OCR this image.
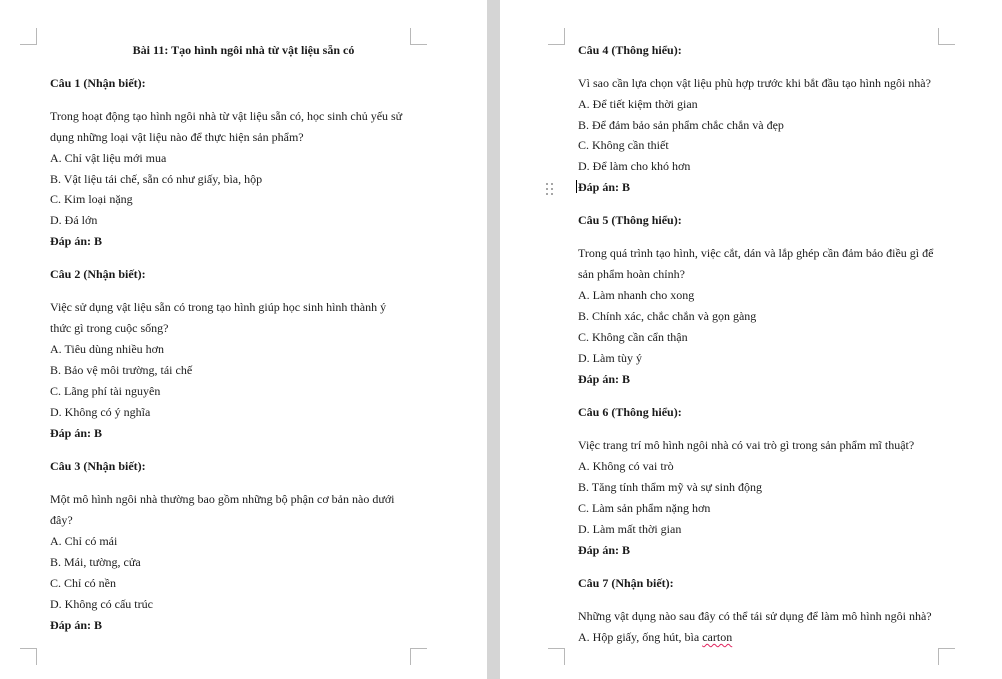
Bài 11: Tạo hình ngôi nhà từ vật liệu sẵn có
Câu 1 (Nhận biết):
Trong hoạt động tạo hình ngôi nhà từ vật liệu sẵn có, học sinh chủ yếu sử
dụng những loại vật liệu nào để thực hiện sản phẩm?
A. Chỉ vật liệu mới mua
B. Vật liệu tái chế, sẵn có như giấy, bìa, hộp
C. Kim loại nặng
D. Đá lớn
Đáp án: B
Câu 2 (Nhận biết):
Việc sử dụng vật liệu sẵn có trong tạo hình giúp học sinh hình thành ý
thức gì trong cuộc sống?
A. Tiêu dùng nhiều hơn
B. Bảo vệ môi trường, tái chế
C. Lãng phí tài nguyên
D. Không có ý nghĩa
Đáp án: B
Câu 3 (Nhận biết):
Một mô hình ngôi nhà thường bao gồm những bộ phận cơ bản nào dưới
đây?
A. Chỉ có mái
B. Mái, tường, cửa
C. Chỉ có nền
D. Không có cấu trúc
Đáp án: B
Câu 4 (Thông hiểu):
Vì sao cần lựa chọn vật liệu phù hợp trước khi bắt đầu tạo hình ngôi nhà?
A. Để tiết kiệm thời gian
B. Để đảm bảo sản phẩm chắc chắn và đẹp
C. Không cần thiết
D. Để làm cho khó hơn
Đáp án: B
Câu 5 (Thông hiểu):
Trong quá trình tạo hình, việc cắt, dán và lắp ghép cần đảm bảo điều gì để
sản phẩm hoàn chỉnh?
A. Làm nhanh cho xong
B. Chính xác, chắc chắn và gọn gàng
C. Không cần cẩn thận
D. Làm tùy ý
Đáp án: B
Câu 6 (Thông hiểu):
Việc trang trí mô hình ngôi nhà có vai trò gì trong sản phẩm mĩ thuật?
A. Không có vai trò
B. Tăng tính thẩm mỹ và sự sinh động
C. Làm sản phẩm nặng hơn
D. Làm mất thời gian
Đáp án: B
Câu 7 (Nhận biết):
Những vật dụng nào sau đây có thể tái sử dụng để làm mô hình ngôi nhà?
A. Hộp giấy, ống hút, bìa carton
